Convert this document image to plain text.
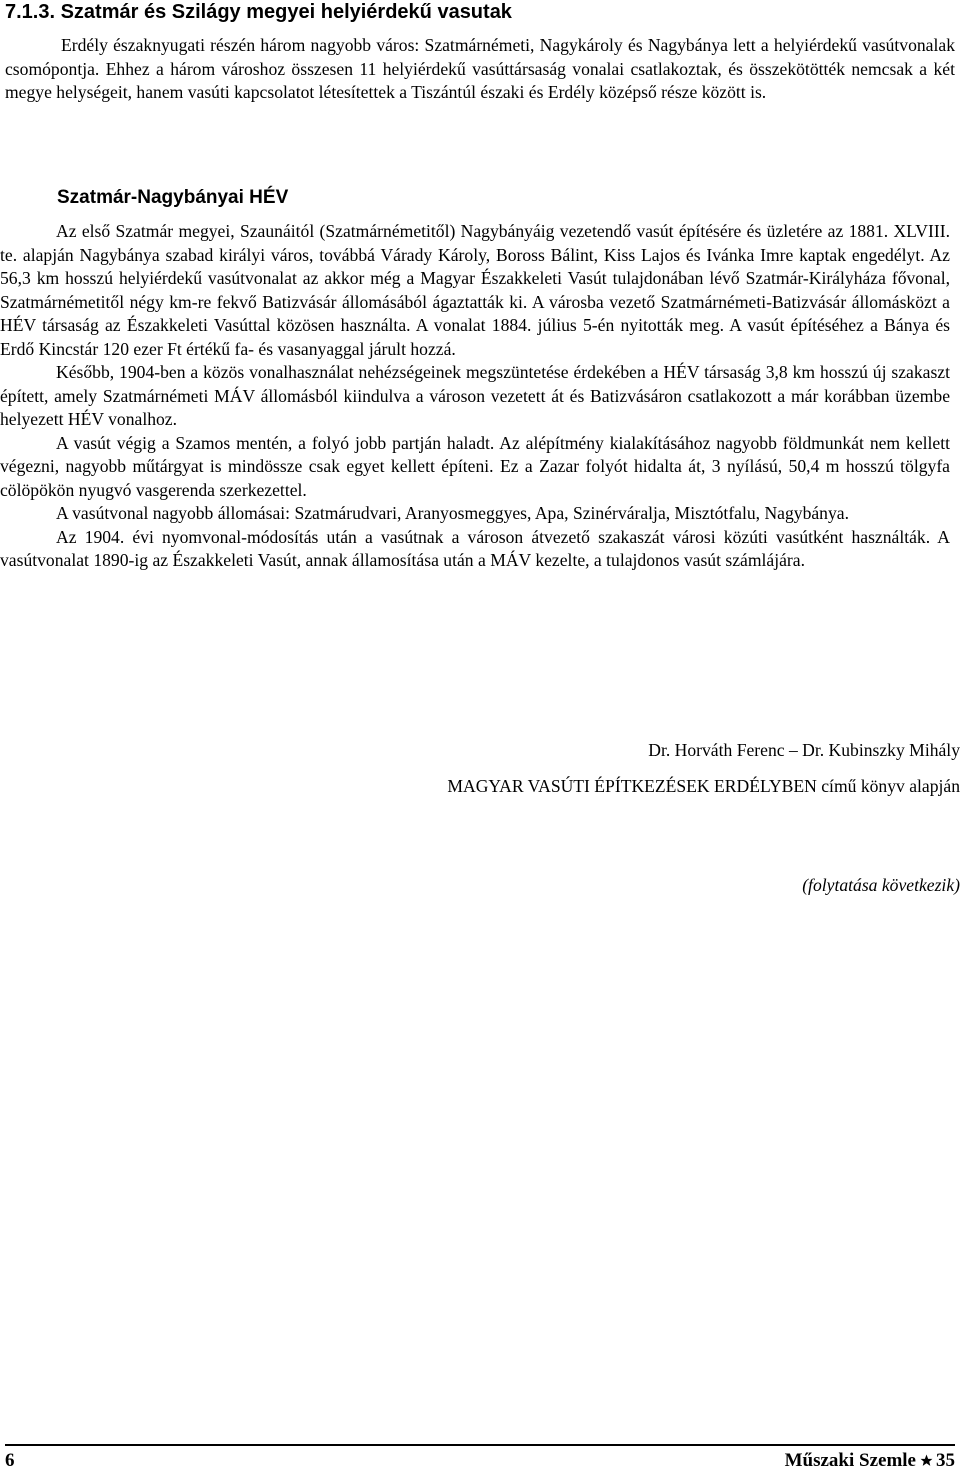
7.1.3. Szatmár és Szilágy megyei helyiérdekű vasutak

Erdély északnyugati részén három nagyobb város: Szatmárnémeti, Nagykároly és Nagybánya lett a helyiérdekű vasútvonalak csomópontja. Ehhez a három városhoz összesen 11 helyiérdekű vasúttársaság vonalai csatlakoztak, és összekötötték nemcsak a két megye helységeit, hanem vasúti kapcsolatot létesítettek a Tiszántúl északi és Erdély középső része között is.

Szatmár-Nagybányai HÉV

Az első Szatmár megyei, Szaunáitól (Szatmárnémetitől) Nagybányáig vezetendő vasút építésére és üzletére az 1881. XLVIII. te. alapján Nagybánya szabad királyi város, továbbá Várady Károly, Boross Bálint, Kiss Lajos és Ivánka Imre kaptak engedélyt. Az 56,3 km hosszú helyiérdekű vasútvonalat az akkor még a Magyar Északkeleti Vasút tulajdonában lévő Szatmár-Királyháza fővonal, Szatmárnémetitől négy km-re fekvő Batizvásár állomásából ágaztatták ki. A városba vezető Szatmárnémeti-Batizvásár állomásközt a HÉV társaság az Északkeleti Vasúttal közösen használta. A vonalat 1884. július 5-én nyitották meg. A vasút építéséhez a Bánya és Erdő Kincstár 120 ezer Ft értékű fa- és vasanyaggal járult hozzá.

Később, 1904-ben a közös vonalhasználat nehézségeinek megszüntetése érdekében a HÉV társaság 3,8 km hosszú új szakaszt épített, amely Szatmárnémeti MÁV állomásból kiindulva a városon vezetett át és Batizvásáron csatlakozott a már korábban üzembe helyezett HÉV vonalhoz.

A vasút végig a Szamos mentén, a folyó jobb partján haladt. Az alépítmény kialakításához nagyobb földmunkát nem kellett végezni, nagyobb műtárgyat is mindössze csak egyet kellett építeni. Ez a Zazar folyót hidalta át, 3 nyílású, 50,4 m hosszú tölgyfa cölöpökön nyugvó vasgerenda szerkezettel.

A vasútvonal nagyobb állomásai: Szatmárudvari, Aranyosmeggyes, Apa, Szinérváralja, Misztótfalu, Nagybánya.

Az 1904. évi nyomvonal-módosítás után a vasútnak a városon átvezető szakaszát városi közúti vasútként használták. A vasútvonalat 1890-ig az Északkeleti Vasút, annak államosítása után a MÁV kezelte, a tulajdonos vasút számlájára.

Dr. Horváth Ferenc – Dr. Kubinszky Mihály

MAGYAR VASÚTI ÉPÍTKEZÉSEK ERDÉLYBEN című könyv alapján

(folytatása következik)

6	Műszaki Szemle 35
